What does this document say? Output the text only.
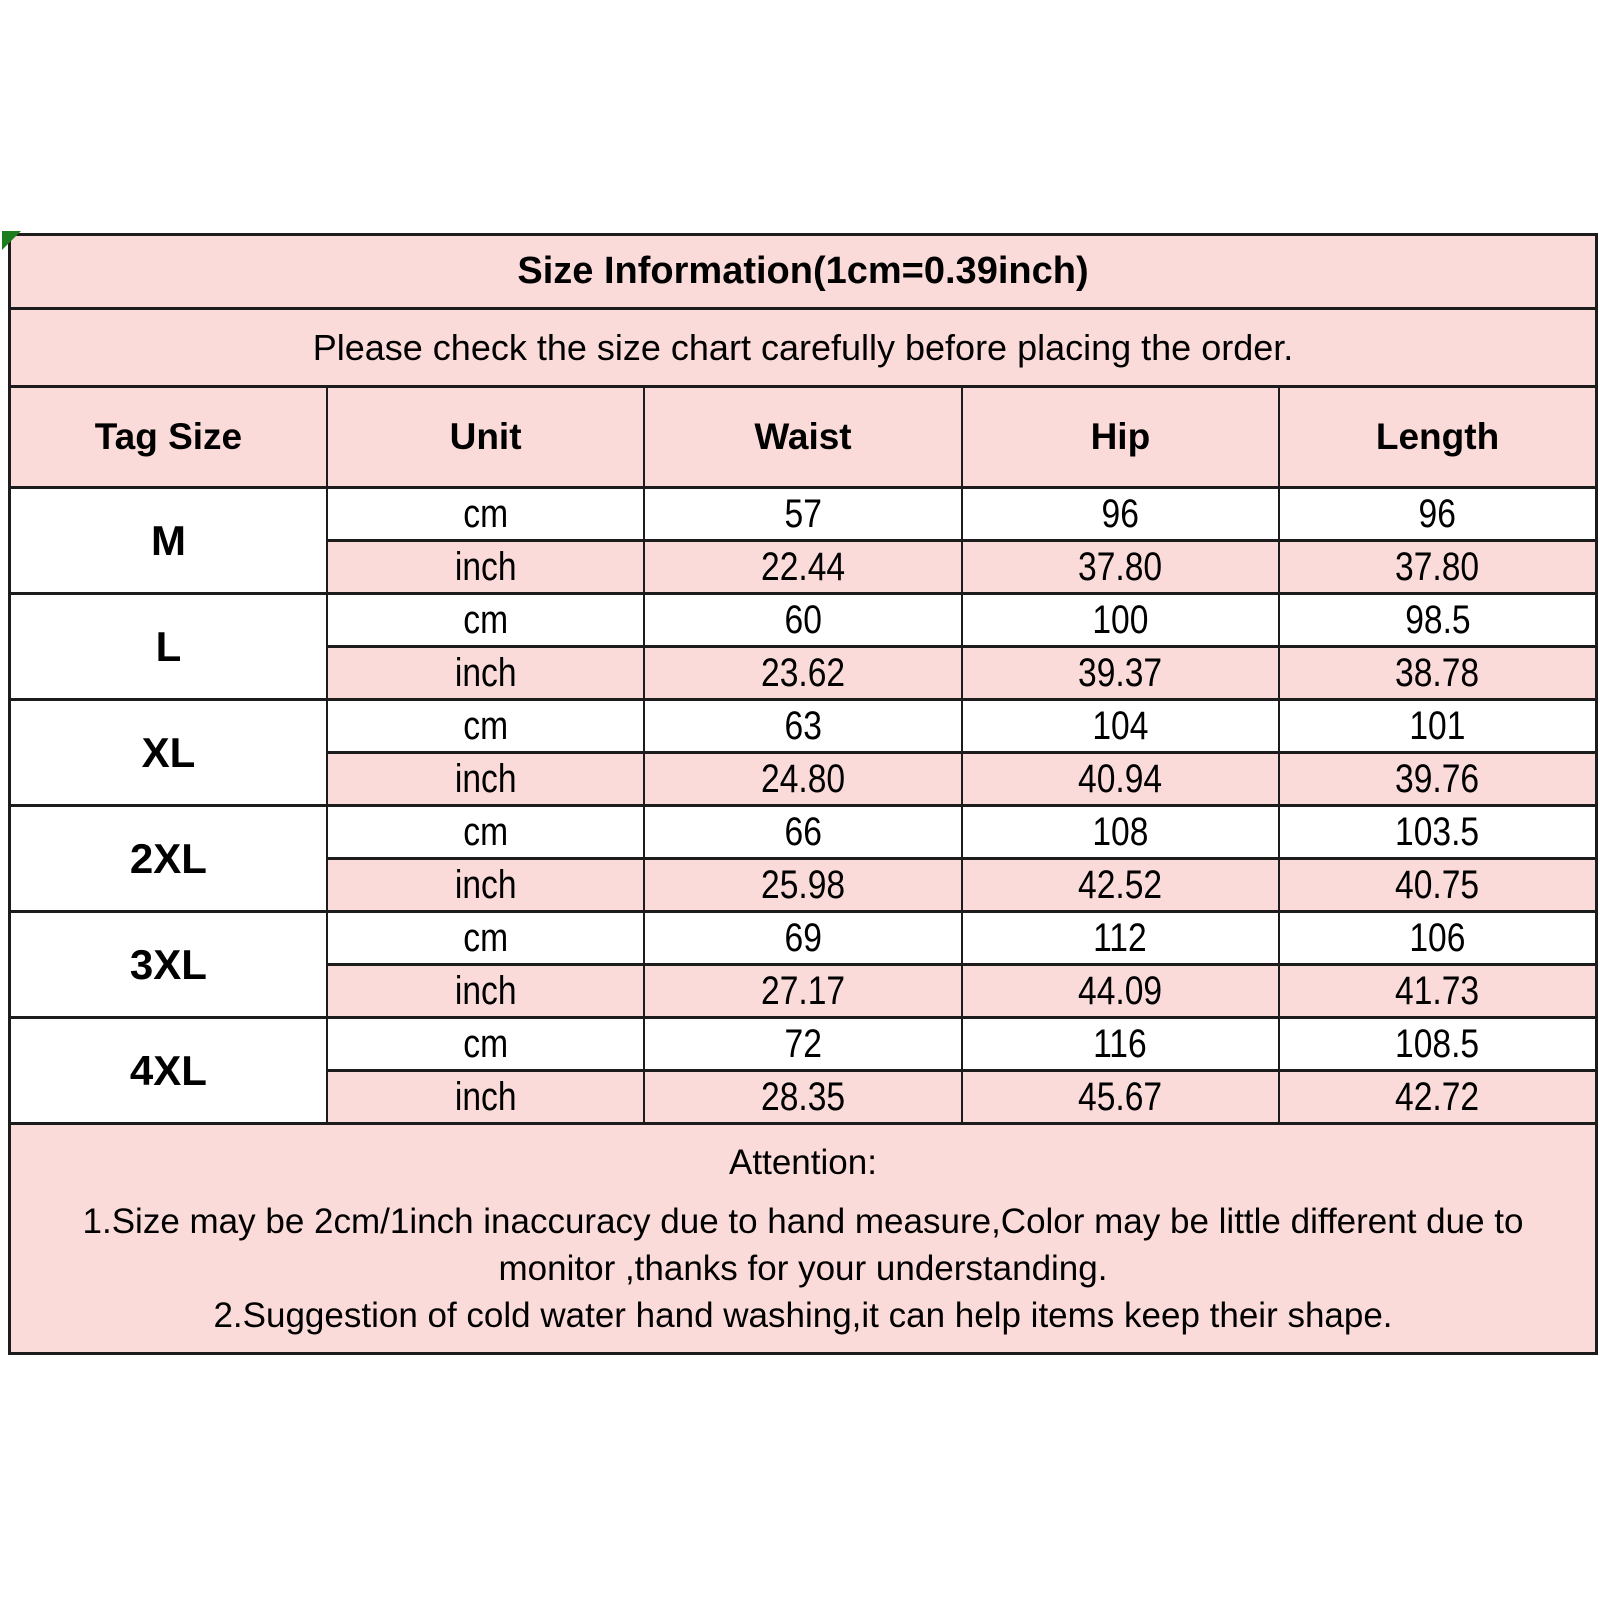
Size Information(1cm=0.39inch)				
Please check the size chart carefully before placing the order.				
Tag Size	Unit	Waist	Hip	Length
M	cm	57	96	96
	inch	22.44	37.80	37.80
L	cm	60	100	98.5
	inch	23.62	39.37	38.78
XL	cm	63	104	101
	inch	24.80	40.94	39.76
2XL	cm	66	108	103.5
	inch	25.98	42.52	40.75
3XL	cm	69	112	106
	inch	27.17	44.09	41.73
4XL	cm	72	116	108.5
	inch	28.35	45.67	42.72

Attention:
1.Size may be 2cm/1inch inaccuracy due to hand measure,Color may be little different due to
monitor ,thanks for your understanding.
2.Suggestion of cold water hand washing,it can help items keep their shape.				
